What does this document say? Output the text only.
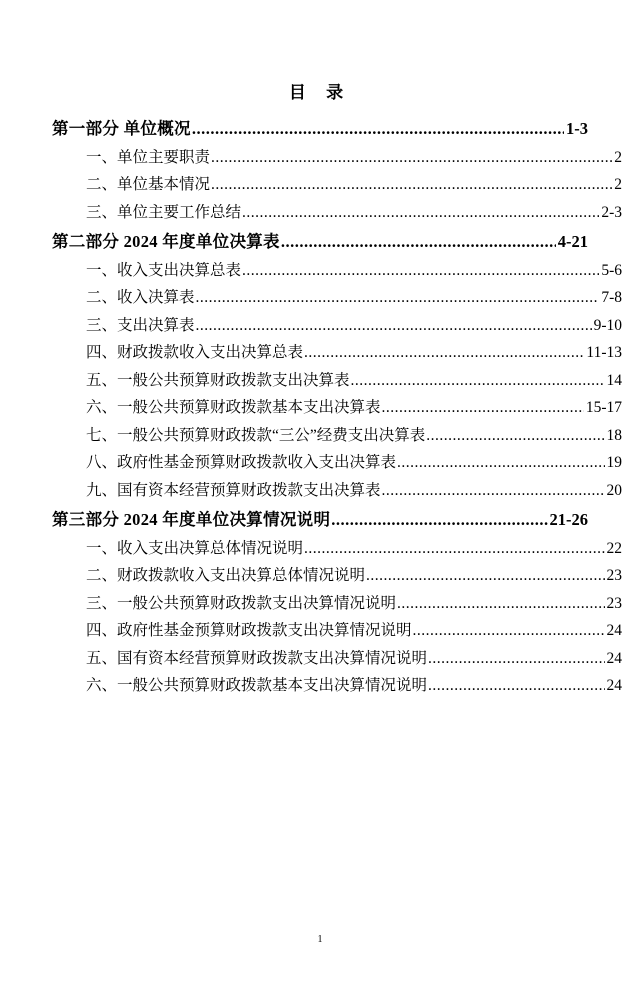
目 录
第一部分 单位概况 .....	1-3
一、单位主要职责 .....	2
二、单位基本情况 .....	2
三、单位主要工作总结 .....	2-3
第二部分 2024 年度单位决算表 .....	4-21
一、收入支出决算总表 .....	5-6
二、收入决算表 .....	7-8
三、支出决算表 .....	9-10
四、财政拨款收入支出决算总表 .....	11-13
五、一般公共预算财政拨款支出决算表 .....	14
六、一般公共预算财政拨款基本支出决算表 .....	15-17
七、一般公共预算财政拨款“三公”经费支出决算表 .....	18
八、政府性基金预算财政拨款收入支出决算表 .....	19
九、国有资本经营预算财政拨款支出决算表 .....	20
第三部分 2024 年度单位决算情况说明 .....	21-26
一、收入支出决算总体情况说明 .....	22
二、财政拨款收入支出决算总体情况说明 .....	23
三、一般公共预算财政拨款支出决算情况说明 .....	23
四、政府性基金预算财政拨款支出决算情况说明 .....	24
五、国有资本经营预算财政拨款支出决算情况说明 .....	24
六、一般公共预算财政拨款基本支出决算情况说明 .....	24
1
